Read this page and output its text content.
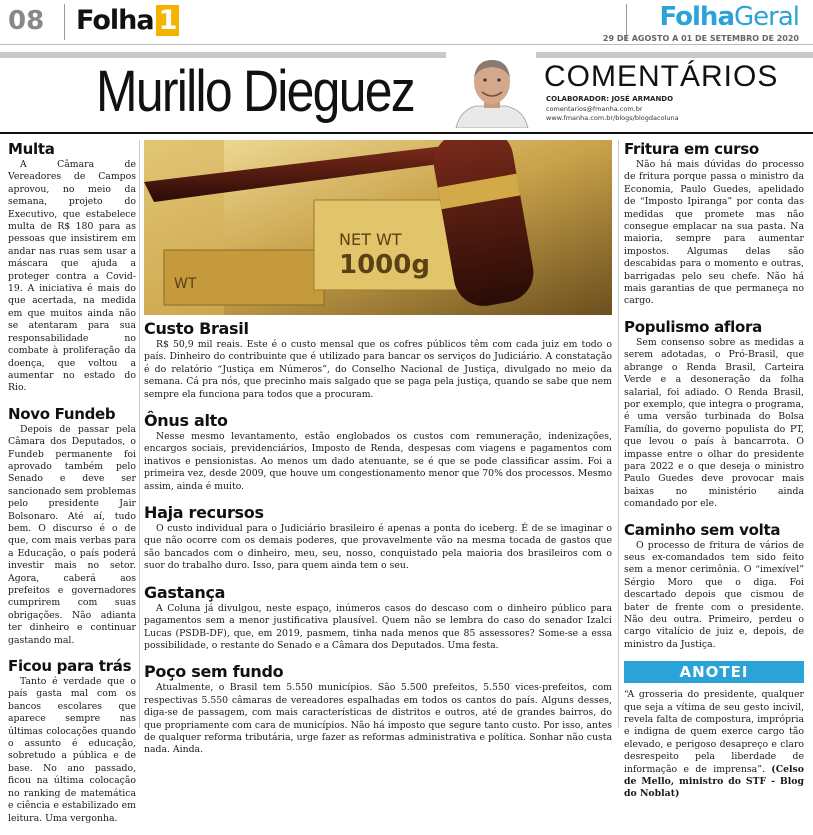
08 Folha 1	FolhaGeral
29 DE AGOSTO A 01 DE SETEMBRO DE 2020
Murillo Dieguez	COMENTÁRIOS
COLABORADOR: JOSÉ ARMANDO
comentarios@fmanha.com.br
www.fmanha.com.br/blogs/blogdacoluna
Multa

A Câmara de Vereadores de Campos aprovou, no meio da semana, projeto do Executivo, que estabelece multa de R$ 180 para as pessoas que insistirem em andar nas ruas sem usar a máscara que ajuda a proteger contra a Covid-19. A iniciativa é mais do que acertada, na medida em que muitos ainda não se atentaram para sua responsabilidade no combate à proliferação da doença, que voltou a aumentar no estado do Rio.

Novo Fundeb

Depois de passar pela Câmara dos Deputados, o Fundeb permanente foi aprovado também pelo Senado e deve ser sancionado sem problemas pelo presidente Jair Bolsonaro. Até aí, tudo bem. O discurso é o de que, com mais verbas para a Educação, o país poderá investir mais no setor. Agora, caberá aos prefeitos e governadores cumprirem com suas obrigações. Não adianta ter dinheiro e continuar gastando mal.

Ficou para trás

Tanto é verdade que o país gasta mal com os bancos escolares que aparece sempre nas últimas colocações quando o assunto é educação, sobretudo a pública e de base. No ano passado, ficou na última colocação no ranking de matemática e ciência e estabilizado em leitura. Uma vergonha.

NET WT
1000g
WT
Custo Brasil

R$ 50,9 mil reais. Este é o custo mensal que os cofres públicos têm com cada juiz em todo o país. Dinheiro do contribuinte que é utilizado para bancar os serviços do Judiciário. A constatação é do relatório “Justiça em Números”, do Conselho Nacional de Justiça, divulgado no meio da semana. Cá pra nós, que precinho mais salgado que se paga pela justiça, quando se sabe que nem sempre ela funciona para todos que a procuram.

Ônus alto

Nesse mesmo levantamento, estão englobados os custos com remuneração, indenizações, encargos sociais, previdenciários, Imposto de Renda, despesas com viagens e pagamentos com inativos e pensionistas. Ao menos um dado atenuante, se é que se pode classificar assim. Foi a primeira vez, desde 2009, que houve um congestionamento menor que 70% dos processos. Mesmo assim, ainda é muito.

Haja recursos

O custo individual para o Judiciário brasileiro é apenas a ponta do iceberg. É de se imaginar o que não ocorre com os demais poderes, que provavelmente vão na mesma tocada de gastos que são bancados com o dinheiro, meu, seu, nosso, conquistado pela maioria dos brasileiros com o suor do trabalho duro. Isso, para quem ainda tem o seu.

Gastança

A Coluna já divulgou, neste espaço, inúmeros casos do descaso com o dinheiro público para pagamentos sem a menor justificativa plausível. Quem não se lembra do caso do senador Izalci Lucas (PSDB-DF), que, em 2019, pasmem, tinha nada menos que 85 assessores? Some-se a essa possibilidade, o restante do Senado e a Câmara dos Deputados. Uma festa.

Poço sem fundo

Atualmente, o Brasil tem 5.550 municípios. São 5.500 prefeitos, 5.550 vices-prefeitos, com respectivas 5.550 câmaras de vereadores espalhadas em todos os cantos do país. Alguns desses, diga-se de passagem, com mais características de distritos e outros, até de grandes bairros, do que propriamente com cara de municípios. Não há imposto que segure tanto custo. Por isso, antes de qualquer reforma tributária, urge fazer as reformas administrativa e política. Sonhar não custa nada. Ainda.

Fritura em curso

Não há mais dúvidas do processo de fritura porque passa o ministro da Economia, Paulo Guedes, apelidado de “Imposto Ipiranga” por conta das medidas que promete mas não consegue emplacar na sua pasta. Na maioria, sempre para aumentar impostos. Algumas delas são descabidas para o momento e outras, barrigadas pelo seu chefe. Não há mais garantias de que permaneça no cargo.

Populismo aflora

Sem consenso sobre as medidas a serem adotadas, o Pró-Brasil, que abrange o Renda Brasil, Carteira Verde e a desoneração da folha salarial, foi adiado. O Renda Brasil, por exemplo, que integra o programa, é uma versão turbinada do Bolsa Família, do governo populista do PT, que levou o país à bancarrota. O impasse entre o olhar do presidente para 2022 e o que deseja o ministro Paulo Guedes deve provocar mais baixas no ministério ainda comandado por ele.

Caminho sem volta

O processo de fritura de vários de seus ex-comandados tem sido feito sem a menor cerimônia. O “imexível” Sérgio Moro que o diga. Foi descartado depois que cismou de bater de frente com o presidente. Não deu outra. Primeiro, perdeu o cargo vitalício de juiz e, depois, de ministro da Justiça.

ANOTEI
“A grosseria do presidente, qualquer que seja a vítima de seu gesto incivil, revela falta de compostura, imprópria e indigna de quem exerce cargo tão elevado, e perigoso desapreço e claro desrespeito pela liberdade de informação e de imprensa”. (Celso de Mello, ministro do STF - Blog do Noblat)
